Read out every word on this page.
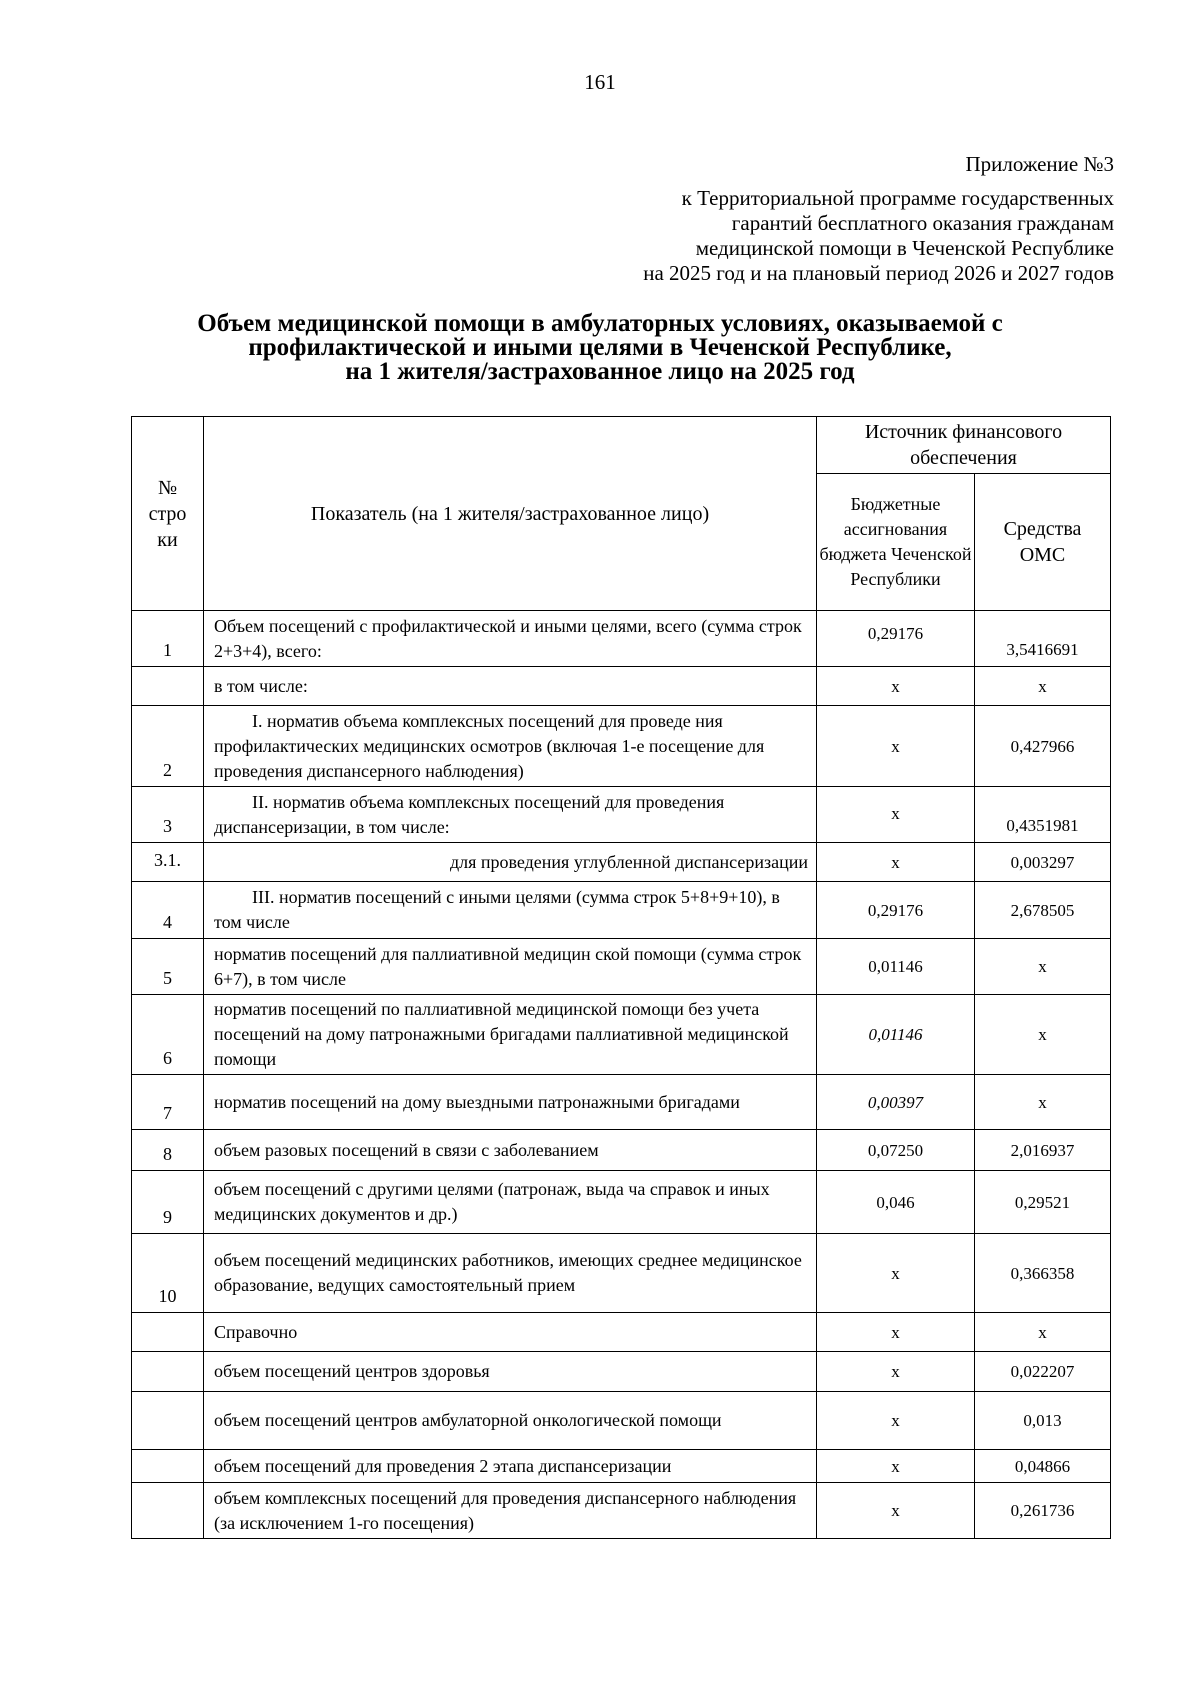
161
Приложение №3
к Территориальной программе государственных
гарантий бесплатного оказания гражданам
медицинской помощи в Чеченской Республике
на 2025 год и на плановый период 2026 и 2027 годов
Объем медицинской помощи в амбулаторных условиях, оказываемой с
профилактической и иными целями в Чеченской Республике,
на 1 жителя/застрахованное лицо на 2025 год
№ стро ки	Показатель (на 1 жителя/застрахованное лицо)	Источник финансового обеспечения	

		Бюджетные ассигнования бюджета Чеченской Республики	Средства ОМС

1	Объем посещений с профилактической и иными целями, всего (сумма строк 2+3+4), всего:	0,29176	3,5416691
	в том числе:	х	х
2	I. норматив объема комплексных посещений для проведе ния профилактических медицинских осмотров (включая 1-е посещение для проведения диспансерного наблюдения)	х	0,427966
3	II. норматив объема комплексных посещений для проведения диспансеризации, в том числе:	х	0,4351981
3.1.	для проведения углубленной диспансеризации	х	0,003297
4	III. норматив посещений с иными целями (сумма строк 5+8+9+10), в том числе	0,29176	2,678505
5	норматив посещений для паллиативной медицин ской помощи (сумма строк 6+7), в том числе	0,01146	х
6	норматив посещений по паллиативной медицинской помощи без учета посещений на дому патронажными бригадами паллиативной медицинской помощи	0,01146	х
7	норматив посещений на дому выездными патронажными бригадами	0,00397	х
8	объем разовых посещений в связи с заболеванием	0,07250	2,016937
9	объем посещений с другими целями (патронаж, выда ча справок и иных медицинских документов и др.)	0,046	0,29521
10	объем посещений медицинских работников, имеющих среднее медицинское образование, ведущих самостоятельный прием	х	0,366358
	Справочно	х	х
	объем посещений центров здоровья	х	0,022207
	объем посещений центров амбулаторной онкологической помощи	х	0,013
	объем посещений для проведения 2 этапа диспансеризации	х	0,04866
	объем комплексных посещений для проведения диспансерного наблюдения (за исключением 1-го посещения)	х	0,261736
